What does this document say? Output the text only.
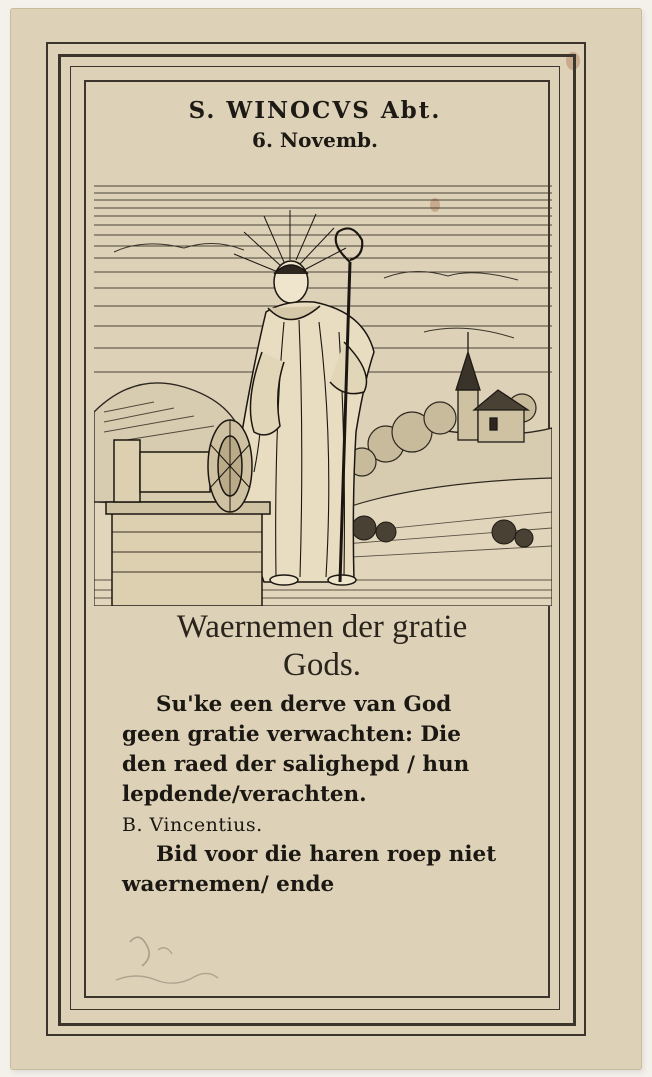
S. WINOCVS Abt.
6. Novemb.
Waernemen der gratie
Gods.

Su'ke een derve van God

geen gratie verwachten: Die

den raed der salighepd / hun

lepdende/verachten.

B. Vincentius.

Bid voor die haren roep niet

waernemen/ ende
